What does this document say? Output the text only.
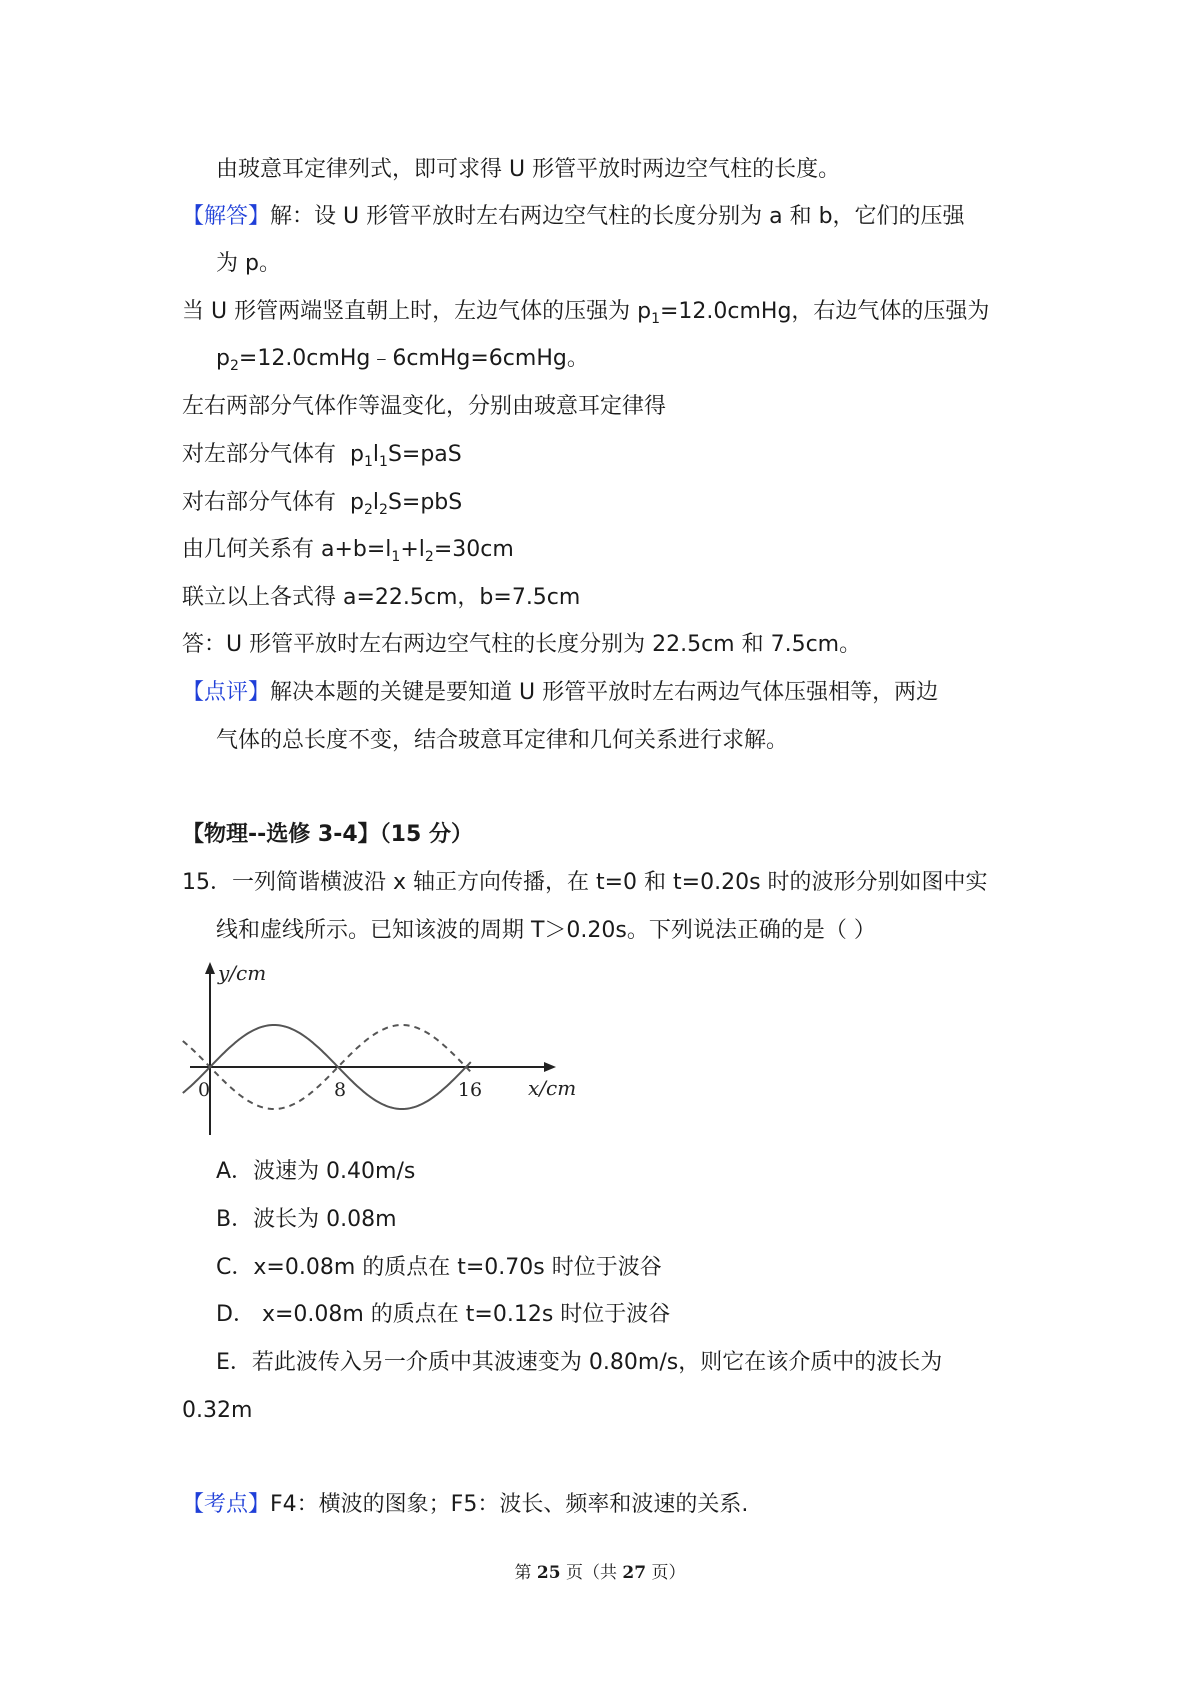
由玻意耳定律列式，即可求得 U 形管平放时两边空气柱的长度。
【解答】解：设 U 形管平放时左右两边空气柱的长度分别为 a 和 b，它们的压强
为 p。
当 U 形管两端竖直朝上时，左边气体的压强为 $p_1=12.0cmHg$，右边气体的压强为
$p_2=12.0cmHg﹣6cmHg=6cmHg$。
左右两部分气体作等温变化，分别由玻意耳定律得
对左部分气体有  $p_1l_1S=paS$
对右部分气体有  $p_2l_2S=pbS$
由几何关系有 $a+b=l_1+l_2=30cm$
联立以上各式得 a=22.5cm，b=7.5cm
答：U 形管平放时左右两边空气柱的长度分别为 22.5cm 和 7.5cm。
【点评】解决本题的关键是要知道 U 形管平放时左右两边气体压强相等，两边
气体的总长度不变，结合玻意耳定律和几何关系进行求解。
【物理--选修 3-4】（15 分）
15．一列简谐横波沿 x 轴正方向传播，在 t=0 和 t=0.20s 时的波形分别如图中实
线和虚线所示。已知该波的周期 T＞0.20s。下列说法正确的是（ ）
y/cm
x/cm
0	8	16
A．波速为 0.40m/s
B．波长为 0.08m
C．x=0.08m 的质点在 t=0.70s 时位于波谷
D． x=0.08m 的质点在 t=0.12s 时位于波谷
E．若此波传入另一介质中其波速变为 0.80m/s，则它在该介质中的波长为
0.32m
【考点】F4：横波的图象；F5：波长、频率和波速的关系.
第 25 页（共 27 页）
